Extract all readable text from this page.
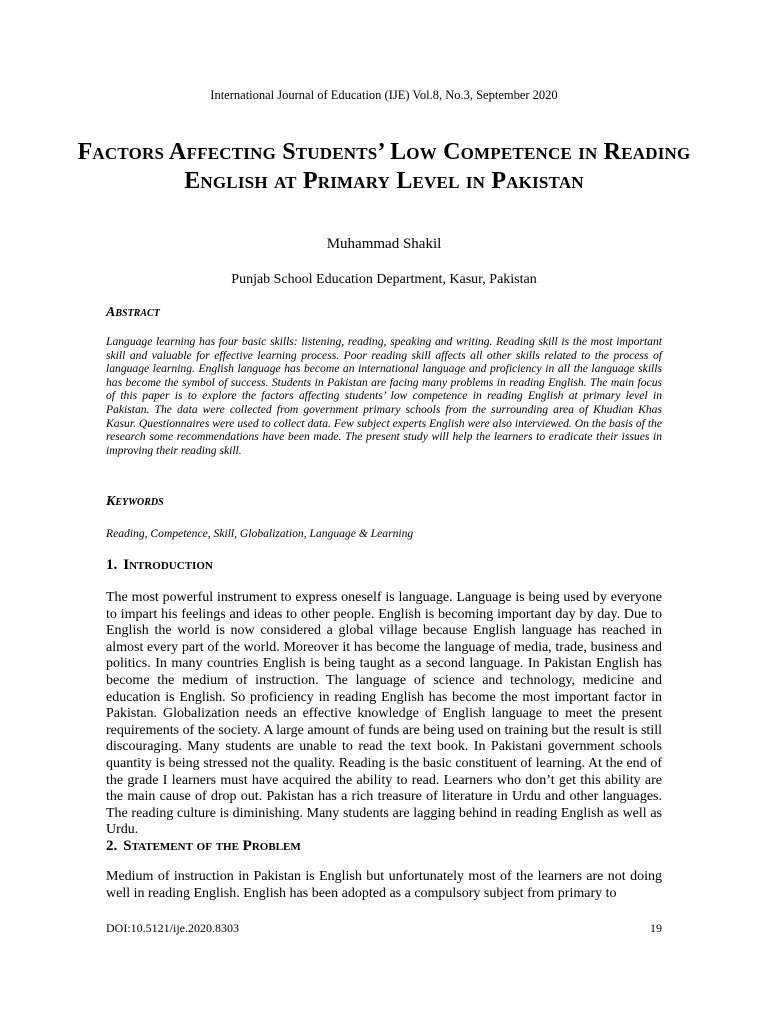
International Journal of Education (IJE) Vol.8, No.3, September 2020
Factors Affecting Students’ Low Competence in Reading English at Primary Level in Pakistan
Muhammad Shakil
Punjab School Education Department, Kasur, Pakistan
Abstract
Language learning has four basic skills: listening, reading, speaking and writing. Reading skill is the most important skill and valuable for effective learning process. Poor reading skill affects all other skills related to the process of language learning. English language has become an international language and proficiency in all the language skills has become the symbol of success. Students in Pakistan are facing many problems in reading English. The main focus of this paper is to explore the factors affecting students’ low competence in reading English at primary level in Pakistan. The data were collected from government primary schools from the surrounding area of Khudian Khas Kasur. Questionnaires were used to collect data. Few subject experts English were also interviewed. On the basis of the research some recommendations have been made. The present study will help the learners to eradicate their issues in improving their reading skill.
Keywords
Reading, Competence, Skill, Globalization, Language & Learning
1. Introduction
The most powerful instrument to express oneself is language. Language is being used by everyone to impart his feelings and ideas to other people. English is becoming important day by day. Due to English the world is now considered a global village because English language has reached in almost every part of the world. Moreover it has become the language of media, trade, business and politics. In many countries English is being taught as a second language. In Pakistan English has become the medium of instruction. The language of science and technology, medicine and education is English. So proficiency in reading English has become the most important factor in Pakistan. Globalization needs an effective knowledge of English language to meet the present requirements of the society. A large amount of funds are being used on training but the result is still discouraging. Many students are unable to read the text book. In Pakistani government schools quantity is being stressed not the quality. Reading is the basic constituent of learning. At the end of the grade I learners must have acquired the ability to read. Learners who don’t get this ability are the main cause of drop out. Pakistan has a rich treasure of literature in Urdu and other languages. The reading culture is diminishing. Many students are lagging behind in reading English as well as Urdu.
2. Statement of the Problem
Medium of instruction in Pakistan is English but unfortunately most of the learners are not doing well in reading English. English has been adopted as a compulsory subject from primary to
DOI:10.5121/ije.2020.8303	19
